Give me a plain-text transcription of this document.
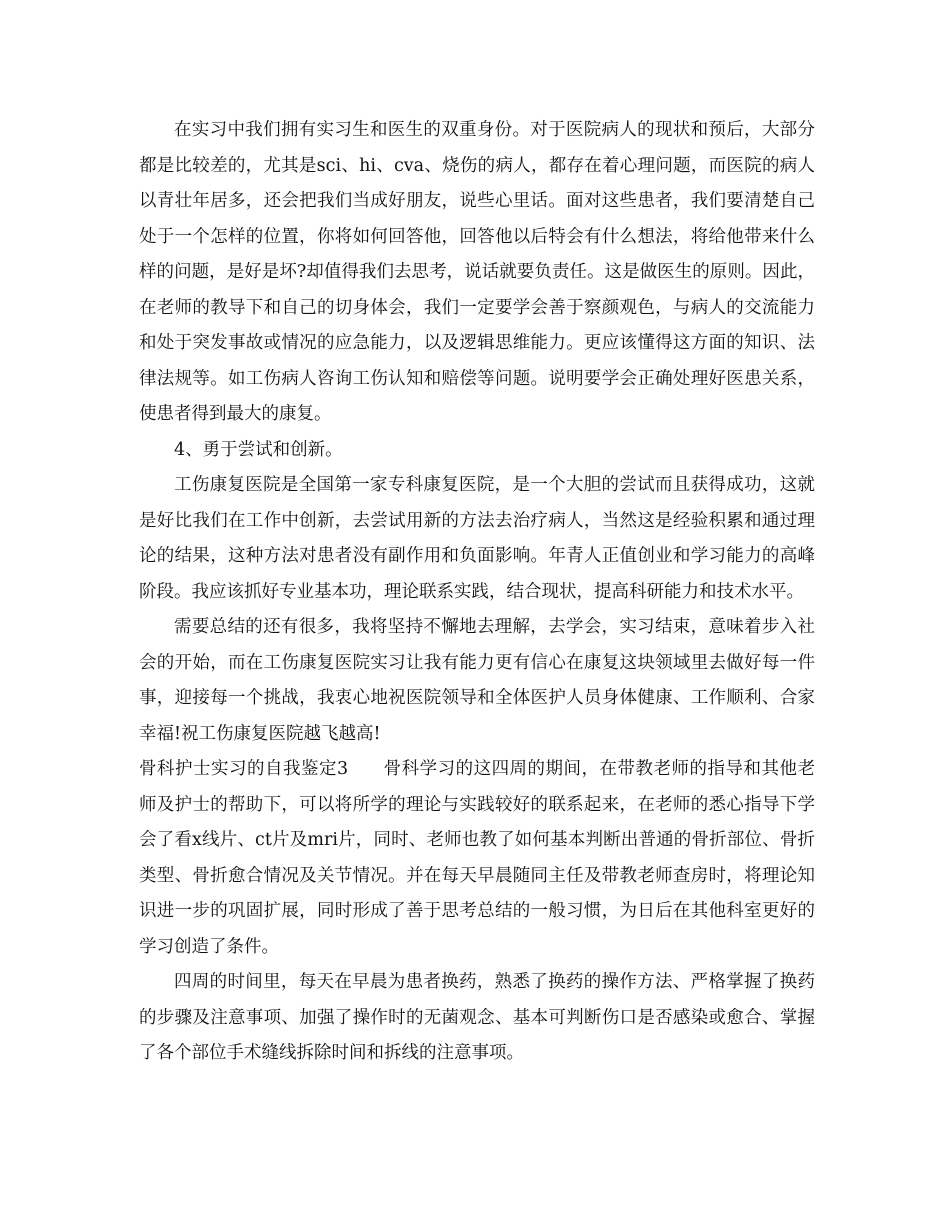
在实习中我们拥有实习生和医生的双重身份。对于医院病人的现状和预后，大部分都是比较差的，尤其是sci、hi、cva、烧伤的病人，都存在着心理问题，而医院的病人以青壮年居多，还会把我们当成好朋友，说些心里话。面对这些患者，我们要清楚自己处于一个怎样的位置，你将如何回答他，回答他以后特会有什么想法，将给他带来什么样的问题，是好是坏?却值得我们去思考，说话就要负责任。这是做医生的原则。因此，在老师的教导下和自己的切身体会，我们一定要学会善于察颜观色，与病人的交流能力和处于突发事故或情况的应急能力，以及逻辑思维能力。更应该懂得这方面的知识、法律法规等。如工伤病人咨询工伤认知和赔偿等问题。说明要学会正确处理好医患关系，使患者得到最大的康复。

4、勇于尝试和创新。

工伤康复医院是全国第一家专科康复医院，是一个大胆的尝试而且获得成功，这就是好比我们在工作中创新，去尝试用新的方法去治疗病人，当然这是经验积累和通过理论的结果，这种方法对患者没有副作用和负面影响。年青人正值创业和学习能力的高峰阶段。我应该抓好专业基本功，理论联系实践，结合现状，提高科研能力和技术水平。

需要总结的还有很多，我将坚持不懈地去理解，去学会，实习结束，意味着步入社会的开始，而在工伤康复医院实习让我有能力更有信心在康复这块领域里去做好每一件事，迎接每一个挑战，我衷心地祝医院领导和全体医护人员身体健康、工作顺利、合家幸福!祝工伤康复医院越飞越高!

骨科护士实习的自我鉴定3 骨科学习的这四周的期间，在带教老师的指导和其他老师及护士的帮助下，可以将所学的理论与实践较好的联系起来，在老师的悉心指导下学会了看x线片、ct片及mri片，同时、老师也教了如何基本判断出普通的骨折部位、骨折类型、骨折愈合情况及关节情况。并在每天早晨随同主任及带教老师查房时，将理论知识进一步的巩固扩展，同时形成了善于思考总结的一般习惯，为日后在其他科室更好的学习创造了条件。

四周的时间里，每天在早晨为患者换药，熟悉了换药的操作方法、严格掌握了换药的步骤及注意事项、加强了操作时的无菌观念、基本可判断伤口是否感染或愈合、掌握了各个部位手术缝线拆除时间和拆线的注意事项。
